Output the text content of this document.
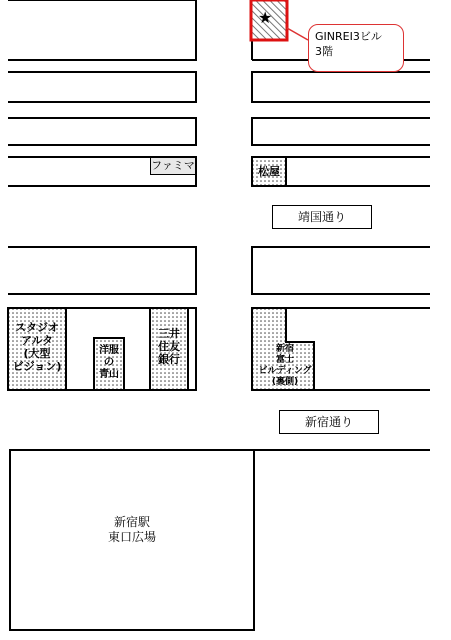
★
GINREI3ビル
3階
ファミマ	松屋
靖国通り
新宿通り
スタジオ
アルタ
(大型
ビジョン)
洋服
の
青山
三井
住友
銀行
新宿
富士
ビルディング
(裏側)
新宿駅
東口広場
